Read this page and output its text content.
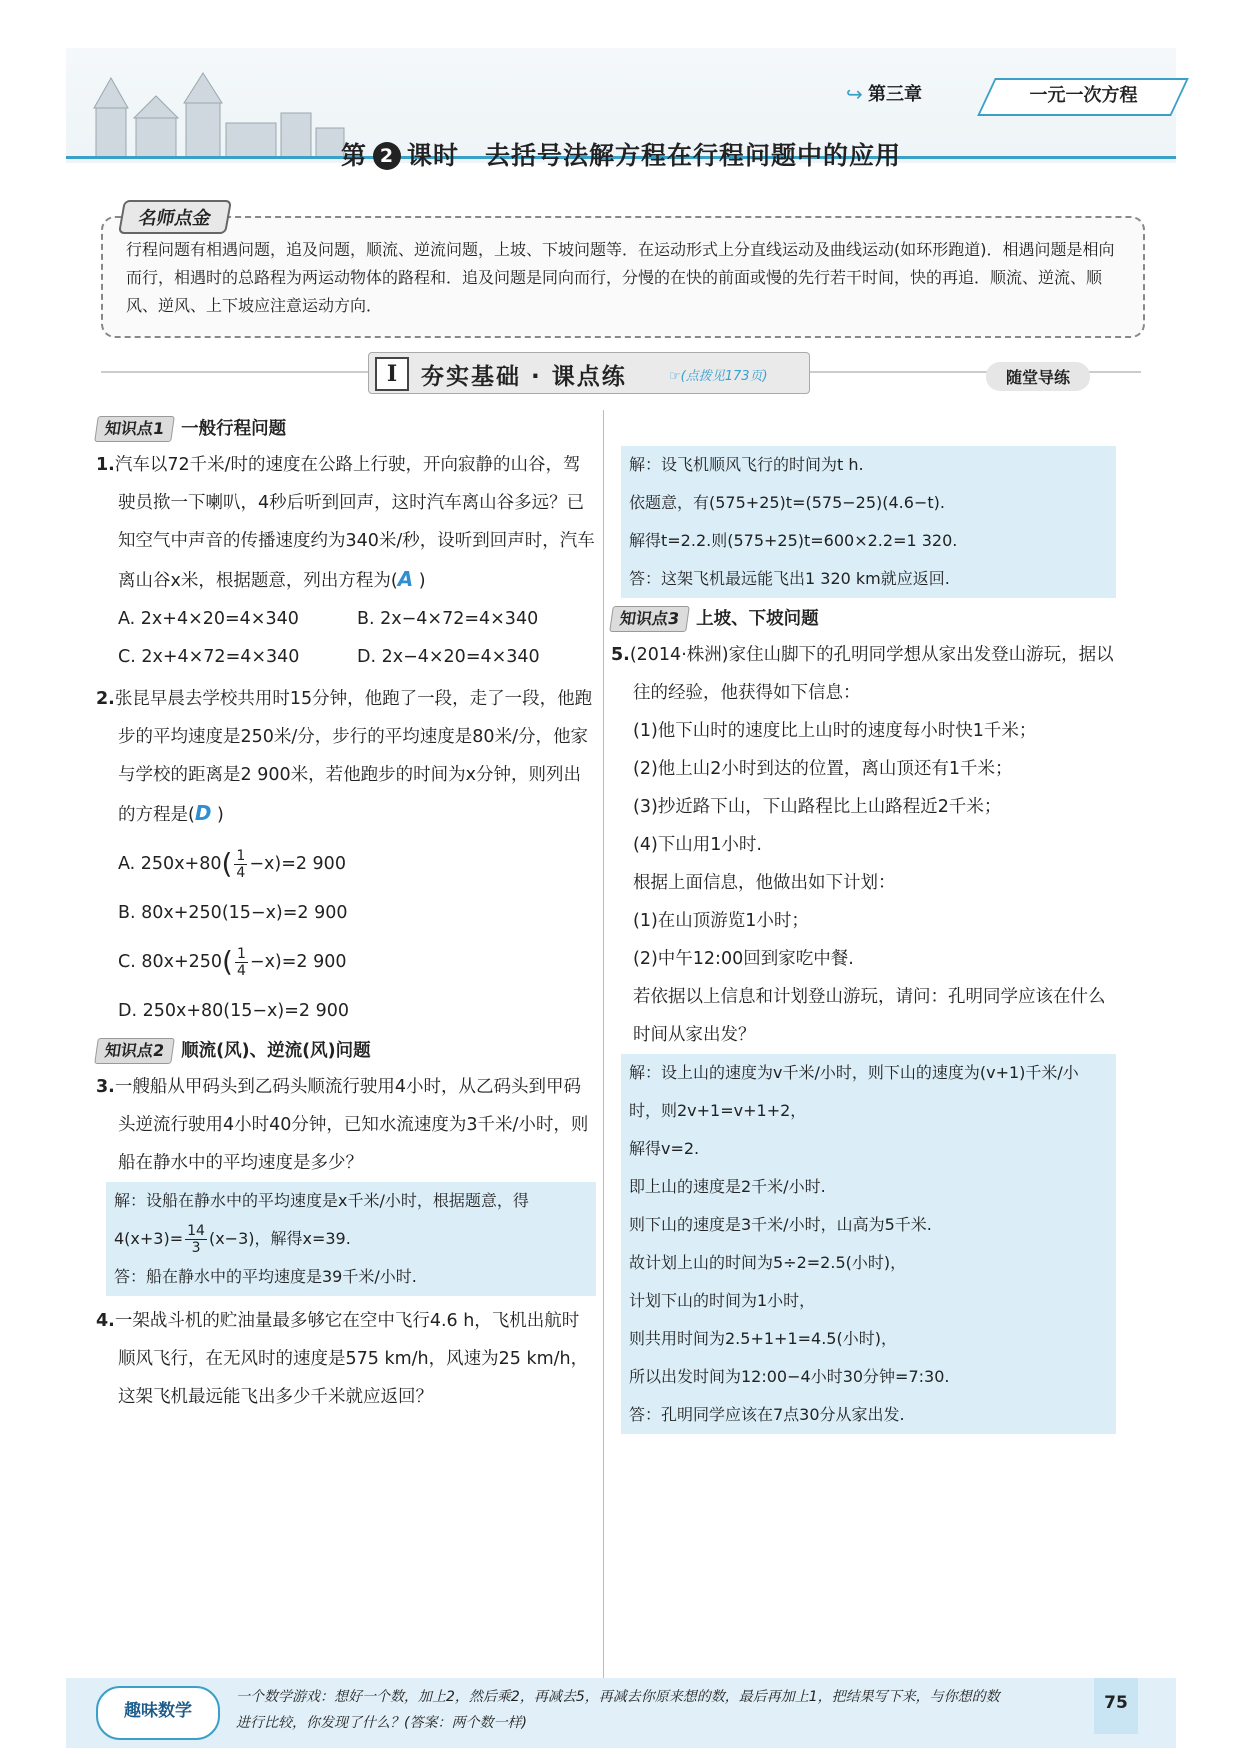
↪ 第三章	一元一次方程
第 2 课时　去括号法解方程在行程问题中的应用
名师点金
行程问题有相遇问题，追及问题，顺流、逆流问题，上坡、下坡问题等．在运动形式上分直线运动及曲线运动(如环形跑道)．相遇问题是相向而行，相遇时的总路程为两运动物体的路程和．追及问题是同向而行，分慢的在快的前面或慢的先行若干时间，快的再追．顺流、逆流、顺风、逆风、上下坡应注意运动方向．
I	夯实基础 · 课点练	☞(点拨见173页)	随堂导练
知识点1 一般行程问题
1.汽车以72千米/时的速度在公路上行驶，开向寂静的山谷，驾驶员揿一下喇叭，4秒后听到回声，这时汽车离山谷多远？已知空气中声音的传播速度约为340米/秒，设听到回声时，汽车离山谷x米，根据题意，列出方程为(A )
A. 2x+4×20=4×340	B. 2x−4×72=4×340
C. 2x+4×72=4×340	D. 2x−4×20=4×340
2.张昆早晨去学校共用时15分钟，他跑了一段，走了一段，他跑步的平均速度是250米/分，步行的平均速度是80米/分，他家与学校的距离是2 900米，若他跑步的时间为x分钟，则列出的方程是(D )
A. $250x+80( \frac{1}{4} -x)=2$ 900
B. 80x+250(15−x)=2 900
C. $80x+250( \frac{1}{4} -x)=2$ 900
D. 250x+80(15−x)=2 900
知识点2 顺流(风)、逆流(风)问题
3.一艘船从甲码头到乙码头顺流行驶用4小时，从乙码头到甲码头逆流行驶用4小时40分钟，已知水流速度为3千米/小时，则船在静水中的平均速度是多少？
解：设船在静水中的平均速度是x千米/小时，根据题意，得$4(x+3)= \frac{14}{3} (x-3)$，解得x=39.
答：船在静水中的平均速度是39千米/小时.
4.一架战斗机的贮油量最多够它在空中飞行4.6 h，飞机出航时顺风飞行，在无风时的速度是575 km/h，风速为25 km/h，这架飞机最远能飞出多少千米就应返回？
解：设飞机顺风飞行的时间为t h.
依题意，有(575+25)t=(575−25)(4.6−t).
解得t=2.2.则(575+25)t=600×2.2=1 320.
答：这架飞机最远能飞出1 320 km就应返回.
知识点3 上坡、下坡问题
5.(2014·株洲)家住山脚下的孔明同学想从家出发登山游玩，据以往的经验，他获得如下信息：
(1)他下山时的速度比上山时的速度每小时快1千米；
(2)他上山2小时到达的位置，离山顶还有1千米；
(3)抄近路下山，下山路程比上山路程近2千米；
(4)下山用1小时.
根据上面信息，他做出如下计划：
(1)在山顶游览1小时；
(2)中午12:00回到家吃中餐.
若依据以上信息和计划登山游玩，请问：孔明同学应该在什么时间从家出发？
解：设上山的速度为v千米/小时，则下山的速度为(v+1)千米/小时，则2v+1=v+1+2，
解得v=2.
即上山的速度是2千米/小时.
则下山的速度是3千米/小时，山高为5千米.
故计划上山的时间为5÷2=2.5(小时)，
计划下山的时间为1小时，
则共用时间为2.5+1+1=4.5(小时)，
所以出发时间为12:00−4小时30分钟=7:30.
答：孔明同学应该在7点30分从家出发.
趣味数学
一个数学游戏：想好一个数，加上2，然后乘2，再减去5，再减去你原来想的数，最后再加上1，把结果写下来，与你想的数进行比较，你发现了什么？(答案：两个数一样)
75
